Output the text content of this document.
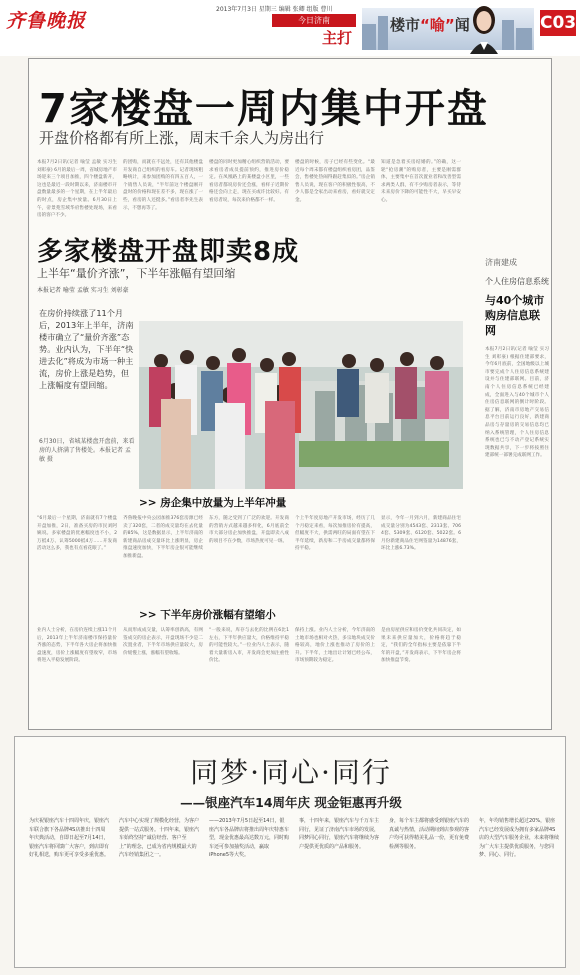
齐鲁晚报
2013年7月3日 星期三 编辑 张卿 组版 曹川
今日济南
主打
楼市“喻”闻	C03
7家楼盘一周内集中开盘
开盘价格都有所上涨，周末千余人为房出行
本报7月2日讯(记者 喻莹 孟敏 实习生 刘彰豪) 6月的最后一周，省城房地产市场迎来三个项目加推，四个楼盘新开，这也是最近一段时期以来，济南楼市开盘数量最多的一个星期，在上半年最后的时点，房企集中放量。6月30日上午，帝景苑雪域华府售楼处现场，来看房的客户不少。
的团购，而就在不远处，还有其他楼盘开发商自己组织的看房车。记者现场粗略统计，来参加团购的有四五百人，一个销售人员说，“半年前这个楼盘刚开盘时的价格和现在差不多，现在涨了一些，看房的人还挺多。”看房者李先生表示，不想再等了。
楼盘的同时更加精心组织营销活动，要求看房者成员提前预约，推进房价稳定。在凤凰路上的某楼盘小区里，一些看房者都说房价还会涨，看样子近期价格还会向上走，现在买或许比较好。有看房者说，每次来价格都不一样。
楼盘的时候，房子已经有些变化。“最近每个周末都有楼盘组织看房团，品鉴会，售楼处热闹得跟赶集似的。”房企销售人员说，现在客户的积极性很高，不少人都是全家出动来看房，看好就交定金。
知道是急着买房结婚的。”的确，这一轮“抢房潮”的购房者，主要是刚需群体，主要集中在首次置业者和改善型需求两类人群，有不少购房者表示，等待未来房价下降的可能性不大，早买早安心。
济南建成
个人住房信息系统
与40个城市购房信息联网
本报7月2日讯(记者 喻莹 实习生 刘彰豪) 根据住建部要求，今年6月底前，全国地级以上城市要完成个人住房信息系统建设并与住建部联网。目前，济南个人住房信息系统已经建成，全面进入与40个城市个人住房信息联网的倒计时阶段。据了解，济南市房地产交易信息平台目前运行良好，新建商品房与存量房的交易信息均已纳入系统管理，个人住房信息系统也已与不动产登记系统实现数据共享，下一步将按照住建部统一部署完成联网工作。
多家楼盘开盘即卖8成
上半年“量价齐涨”，下半年涨幅有望回缩
本报记者 喻莹 孟敏 实习生 刘彰豪
在房价持续涨了11个月后，2013年上半年，济南楼市确立了“量价齐涨”态势。业内认为，下半年“快进去化”将成为市场一种主流，房价上涨是趋势，但上涨幅度有望回缩。
6月30日，省城某楼盘开盘前，来看房的人挤满了售楼处。本报记者 孟敏 摄
>> 房企集中放量为上半年冲量
“6月最后一个星期，济南就有7个楼盘开盘加推，2日，准备买房的市民刘阿姨说。多家楼盘的优惠幅度也不小，2万抵4万、认筹5000抵4万……开发商活动这么多，我也有点看花眼了。”
齐鲁晚报中央公园加推376套房源已经卖了320套，二者的成交量均在去化量的85%，这是数据显示，上半年济南的新建商品房成交量环比上涨明显，房企推盘速度加快，下半年房企很可能继续加推新盘。
东方，随之受到了广泛的欢迎。开发商的营销方式越来越多样化，6月底前全市大部分房企加快推盘，开盘即卖八成的项目不在少数，市场热度可见一斑。
个上半年度房地产开发市场，经历了几个月稳定来看，每次加推房价有提高，但幅度不大，供需两旺的局面有望在下半年延续，新房和二手房成交量都将保持平稳。
显示，今年一月到六月，新建商品住宅成交量分别为4543套、2313套、7064套、5309套、6120套、5022套。6月份新建商品住宅网签量为14876套，环比上涨6.73%。
>> 下半年房价涨幅有望缩小
业内人士分析，在房价连续上涨11个月后，2013年上半年济南楼市保持量价齐涨的态势，下半年各大房企将加快推盘速度，房价上涨幅度有望收窄，市场将进入平稳发展阶段。
从而形成成交量，认筹率创新高，有网签成交的房企表示，开盘现场不少是二次置业者，下半年市场供应量较大，房价缓慢上涨，涨幅有望收缩。
“一般来说，库存与去化的比例在6比1左右，下半年供应量大，价格维持平稳的可能性较大。”一位业内人士表示，随着大量新房入市，开发商会更加注重性价比。
保持上涨。业内人士分析，今年济南的土地市场也相对火热，多宗地块成交价格较高，地价上涨也推动了房价的上升。下半年，土地出让计划已经公布，市场预期较为稳定。
是由房屋供应和房价变化共同决定，如果未来供应量加大，价格将趋于稳定，“我们的全年指标主要是依靠下半年的开盘，”开发商表示，下半年房企将加快推盘节奏。
同梦·同心·同行
——银座汽车14周年庆 现金钜惠再升级
为庆祝银座汽车十四周年庆，银座汽车联合旗下各品牌4S店推出十四周年庆典活动，自即日起至7月14日，银座汽车将回馈广大客户，到店即有好礼相送，购车更可享受多重优惠。
汽车中心实现了规模化经营，为客户提供一站式服务。十四年来，银座汽车始终坚持“诚信经营、客户至上”的理念，已成为省内规模最大的汽车经销集团之一。
——2013年7月5日起至14日，银座汽车各品牌店将推出周年庆特惠车型，现金优惠最高达数万元，同时购车还可参加抽奖活动，赢取iPhone5等大奖。
事，十四年来，银座汽车与千万车主同行，见证了济南汽车市场的发展，同梦同心同行，银座汽车将继续为客户提供更优质的产品和服务。
身，每个车主都将感受到银座汽车的真诚与热情，活动期间到店参观的客户均可获得精美礼品一份，更有免费检测等服务。
年，年均销售增长超过20%，银座汽车已经发展成为拥有多家品牌4S店的大型汽车服务企业，未来将继续为广大车主提供优质服务，与您同梦、同心、同行。
